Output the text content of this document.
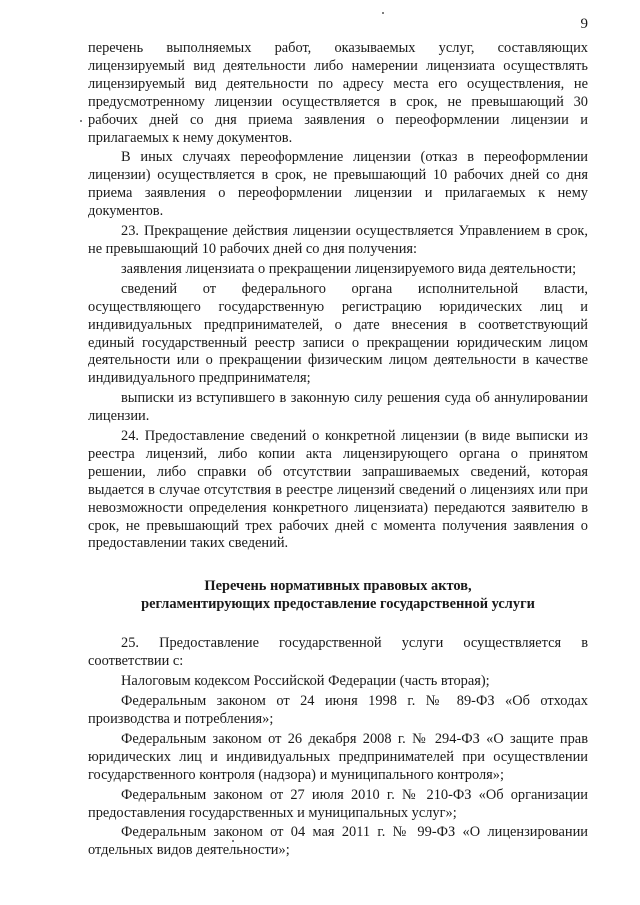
9

перечень выполняемых работ, оказываемых услуг, составляющих лицензируемый вид деятельности либо намерении лицензиата осуществлять лицензируемый вид деятельности по адресу места его осуществления, не предусмотренному лицензии осуществляется в срок, не превышающий 30 рабочих дней со дня приема заявления о переоформлении лицензии и прилагаемых к нему документов.

В иных случаях переоформление лицензии (отказ в переоформлении лицензии) осуществляется в срок, не превышающий 10 рабочих дней со дня приема заявления о переоформлении лицензии и прилагаемых к нему документов.

23. Прекращение действия лицензии осуществляется Управлением в срок, не превышающий 10 рабочих дней со дня получения:

заявления лицензиата о прекращении лицензируемого вида деятельности;

сведений от федерального органа исполнительной власти, осуществляющего государственную регистрацию юридических лиц и индивидуальных предпринимателей, о дате внесения в соответствующий единый государственный реестр записи о прекращении юридическим лицом деятельности или о прекращении физическим лицом деятельности в качестве индивидуального предпринимателя;

выписки из вступившего в законную силу решения суда об аннулировании лицензии.

24. Предоставление сведений о конкретной лицензии (в виде выписки из реестра лицензий, либо копии акта лицензирующего органа о принятом решении, либо справки об отсутствии запрашиваемых сведений, которая выдается в случае отсутствия в реестре лицензий сведений о лицензиях или при невозможности определения конкретного лицензиата) передаются заявителю в срок, не превышающий трех рабочих дней с момента получения заявления о предоставлении таких сведений.

Перечень нормативных правовых актов,
регламентирующих предоставление государственной услуги

25. Предоставление государственной услуги осуществляется в соответствии с:

Налоговым кодексом Российской Федерации (часть вторая);

Федеральным законом от 24 июня 1998 г. № 89-ФЗ «Об отходах производства и потребления»;

Федеральным законом от 26 декабря 2008 г. № 294-ФЗ «О защите прав юридических лиц и индивидуальных предпринимателей при осуществлении государственного контроля (надзора) и муниципального контроля»;

Федеральным законом от 27 июля 2010 г. № 210-ФЗ «Об организации предоставления государственных и муниципальных услуг»;

Федеральным законом от 04 мая 2011 г. № 99-ФЗ «О лицензировании отдельных видов деятельности»;
